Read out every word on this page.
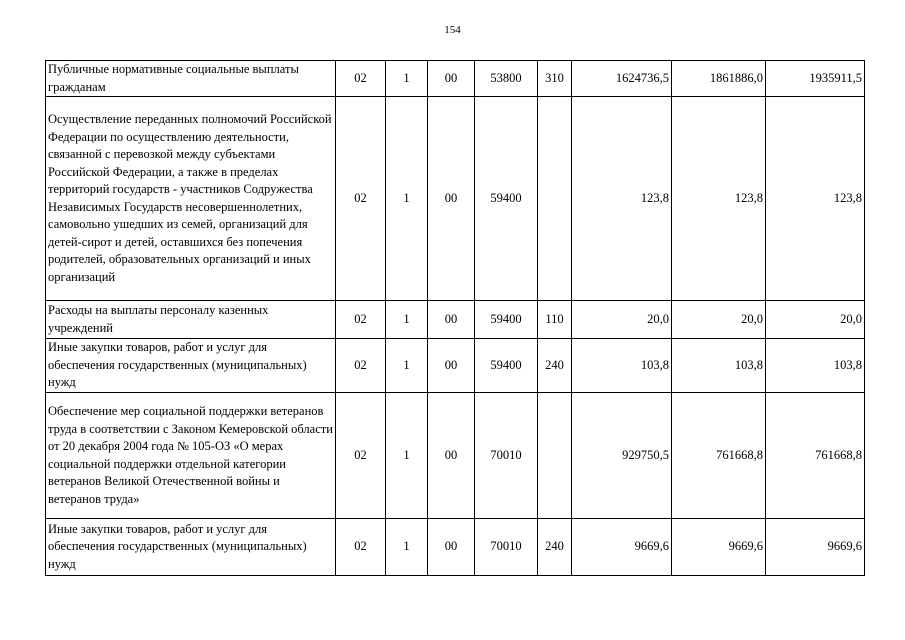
154
Публичные нормативные социальные выплаты гражданам	02	1	00	53800	310	1624736,5	1861886,0	1935911,5
Осуществление переданных полномочий Российской Федерации по осуществлению деятельности, связанной с перевозкой между субъектами Российской Федерации, а также в пределах территорий государств - участников Содружества Независимых Государств несовершеннолетних, самовольно ушедших из семей, организаций для детей-сирот и детей, оставшихся без попечения родителей, образовательных организаций и иных организаций	02	1	00	59400		123,8	123,8	123,8
Расходы на выплаты персоналу казенных учреждений	02	1	00	59400	110	20,0	20,0	20,0
Иные закупки товаров, работ и услуг для обеспечения государственных (муниципальных) нужд	02	1	00	59400	240	103,8	103,8	103,8
Обеспечение мер социальной поддержки ветеранов труда в соответствии с Законом Кемеровской области от 20 декабря 2004 года № 105-ОЗ «О мерах социальной поддержки отдельной категории ветеранов Великой Отечественной войны и ветеранов труда»	02	1	00	70010		929750,5	761668,8	761668,8
Иные закупки товаров, работ и услуг для обеспечения государственных (муниципальных) нужд	02	1	00	70010	240	9669,6	9669,6	9669,6
